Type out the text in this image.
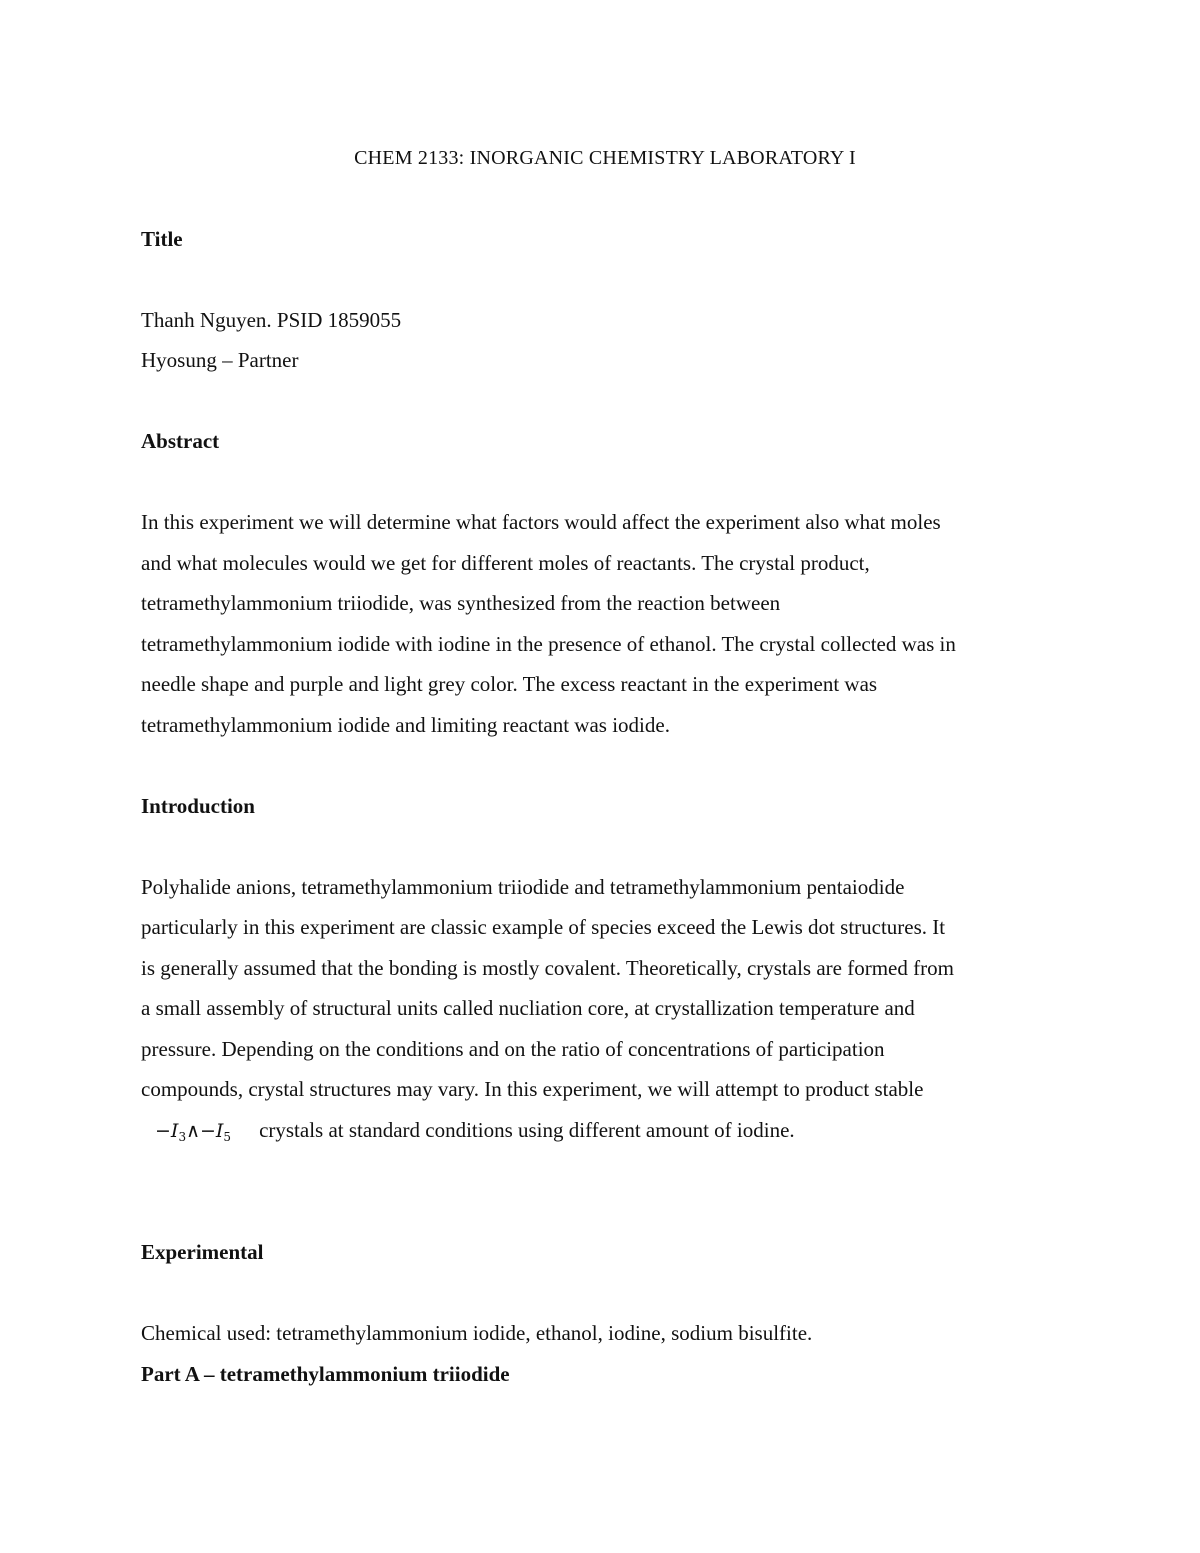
CHEM 2133: INORGANIC CHEMISTRY LABORATORY I

Title

Thanh Nguyen. PSID 1859055

Hyosung – Partner

Abstract

In this experiment we will determine what factors would affect the experiment also what moles
and what molecules would we get for different moles of reactants. The crystal product,
tetramethylammonium triiodide, was synthesized from the reaction between
tetramethylammonium iodide with iodine in the presence of ethanol. The crystal collected was in
needle shape and purple and light grey color. The excess reactant in the experiment was
tetramethylammonium iodide and limiting reactant was iodide.

Introduction

Polyhalide anions, tetramethylammonium triiodide and tetramethylammonium pentaiodide
particularly in this experiment are classic example of species exceed the Lewis dot structures. It
is generally assumed that the bonding is mostly covalent. Theoretically, crystals are formed from
a small assembly of structural units called nucliation core, at crystallization temperature and
pressure. Depending on the conditions and on the ratio of concentrations of participation
compounds, crystal structures may vary. In this experiment, we will attempt to product stable
$-I_3\wedge-I_5$ crystals at standard conditions using different amount of iodine.

Experimental

Chemical used: tetramethylammonium iodide, ethanol, iodine, sodium bisulfite.

Part A – tetramethylammonium triiodide
